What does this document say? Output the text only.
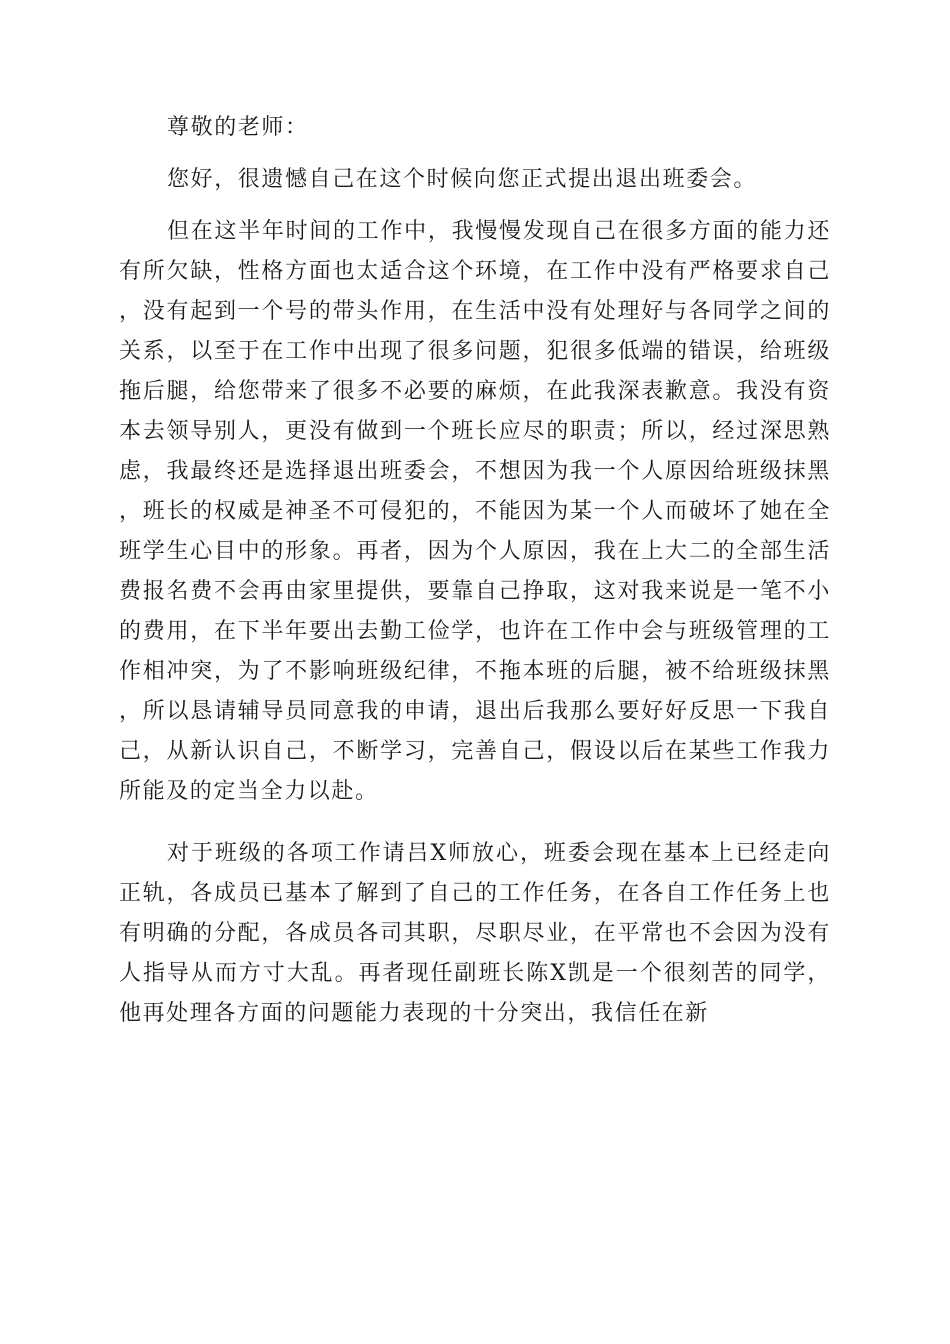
尊敬的老师：

您好，很遗憾自己在这个时候向您正式提出退出班委会。

但在这半年时间的工作中，我慢慢发现自己在很多方面的能力还有所欠缺，性格方面也太适合这个环境，在工作中没有严格要求自己，没有起到一个号的带头作用，在生活中没有处理好与各同学之间的关系，以至于在工作中出现了很多问题，犯很多低端的错误，给班级拖后腿，给您带来了很多不必要的麻烦，在此我深表歉意。我没有资本去领导别人，更没有做到一个班长应尽的职责；所以，经过深思熟虑，我最终还是选择退出班委会，不想因为我一个人原因给班级抹黑，班长的权威是神圣不可侵犯的，不能因为某一个人而破坏了她在全班学生心目中的形象。再者，因为个人原因，我在上大二的全部生活费报名费不会再由家里提供，要靠自己挣取，这对我来说是一笔不小的费用，在下半年要出去勤工俭学，也许在工作中会与班级管理的工作相冲突，为了不影响班级纪律，不拖本班的后腿，被不给班级抹黑，所以恳请辅导员同意我的申请，退出后我那么要好好反思一下我自己，从新认识自己，不断学习，完善自己，假设以后在某些工作我力所能及的定当全力以赴。

对于班级的各项工作请吕X师放心，班委会现在基本上已经走向正轨，各成员已基本了解到了自己的工作任务，在各自工作任务上也有明确的分配，各成员各司其职，尽职尽业，在平常也不会因为没有人指导从而方寸大乱。再者现任副班长陈X凯是一个很刻苦的同学，他再处理各方面的问题能力表现的十分突出，我信任在新
